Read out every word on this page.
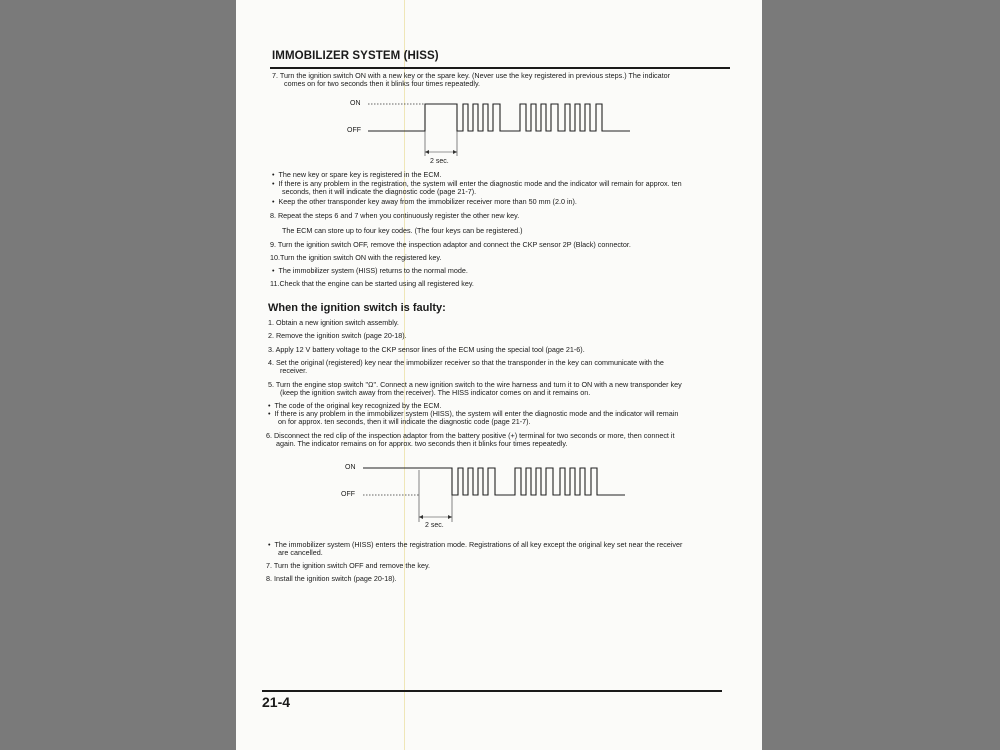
IMMOBILIZER SYSTEM (HISS)
7. Turn the ignition switch ON with a new key or the spare key. (Never use the key registered in previous steps.) The indicator
comes on for two seconds then it blinks four times repeatedly.
ON
OFF
2 sec.
•  The new key or spare key is registered in the ECM.
•  If there is any problem in the registration, the system will enter the diagnostic mode and the indicator will remain for approx. ten
seconds, then it will indicate the diagnostic code (page 21-7).
•  Keep the other transponder key away from the immobilizer receiver more than 50 mm (2.0 in).
8. Repeat the steps 6 and 7 when you continuously register the other new key.
The ECM can store up to four key codes. (The four keys can be registered.)
9. Turn the ignition switch OFF, remove the inspection adaptor and connect the CKP sensor 2P (Black) connector.
10.Turn the ignition switch ON with the registered key.
•  The immobilizer system (HISS) returns to the normal mode.
11.Check that the engine can be started using all registered key.
When the ignition switch is faulty:
1. Obtain a new ignition switch assembly.
2. Remove the ignition switch (page 20-18).
3. Apply 12 V battery voltage to the CKP sensor lines of the ECM using the special tool (page 21-6).
4. Set the original (registered) key near the immobilizer receiver so that the transponder in the key can communicate with the
receiver.
5. Turn the engine stop switch "Ω". Connect a new ignition switch to the wire harness and turn it to ON with a new transponder key
(keep the ignition switch away from the receiver). The HISS indicator comes on and it remains on.
•  The code of the original key recognized by the ECM.
•  If there is any problem in the immobilizer system (HISS), the system will enter the diagnostic mode and the indicator will remain
on for approx. ten seconds, then it will indicate the diagnostic code (page 21-7).
6. Disconnect the red clip of the inspection adaptor from the battery positive (+) terminal for two seconds or more, then connect it
again. The indicator remains on for approx. two seconds then it blinks four times repeatedly.
ON
OFF
2 sec.
•  The immobilizer system (HISS) enters the registration mode. Registrations of all key except the original key set near the receiver
are cancelled.
7. Turn the ignition switch OFF and remove the key.
8. Install the ignition switch (page 20-18).
21-4
